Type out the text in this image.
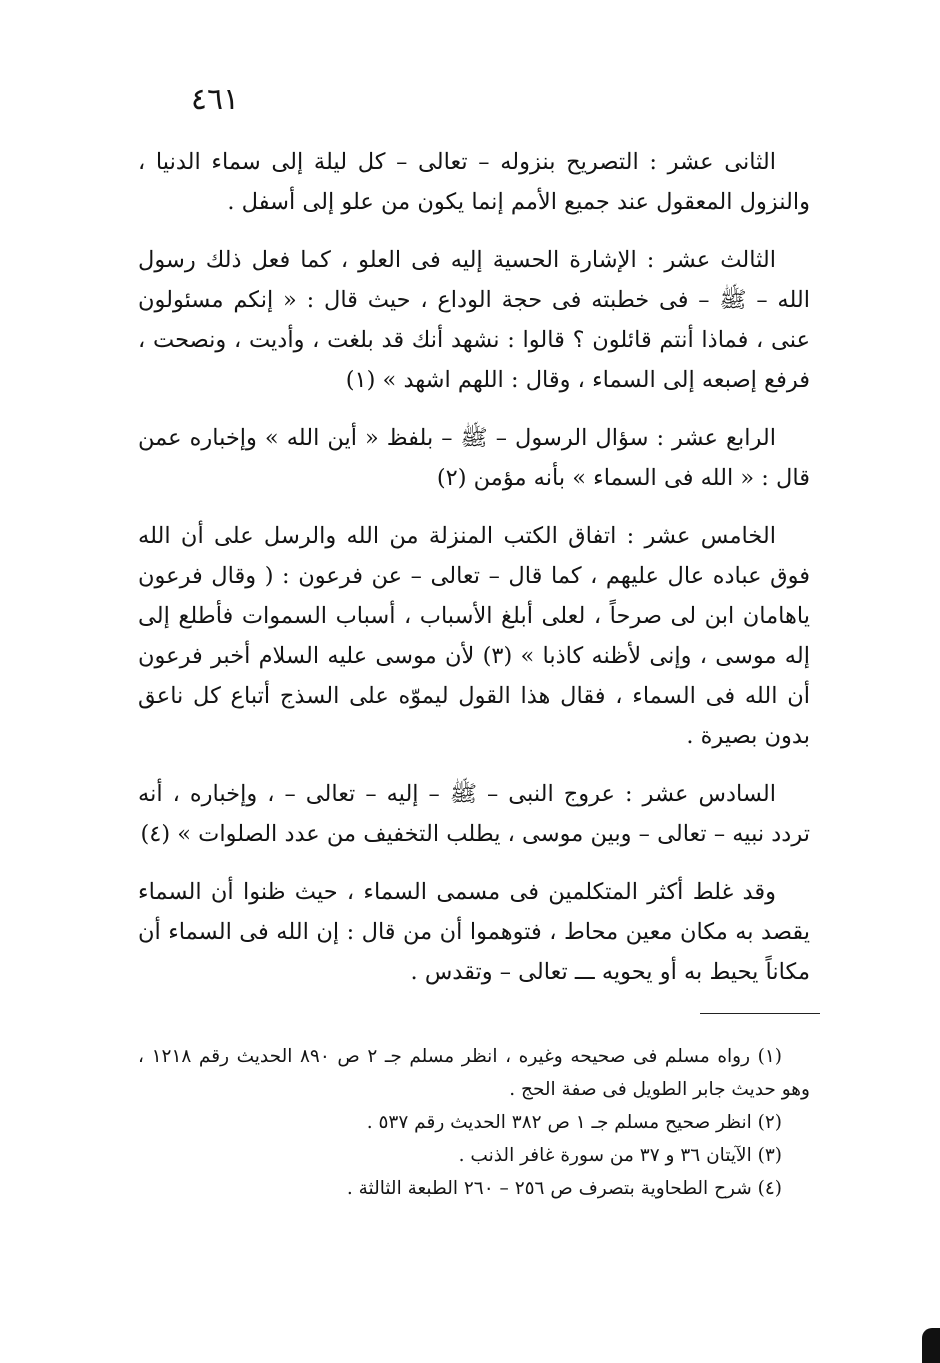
٤٦١

الثانى عشر : التصريح بنزوله – تعالى – كل ليلة إلى سماء الدنيا ، والنزول المعقول عند جميع الأمم إنما يكون من علو إلى أسفل .

الثالث عشر : الإشارة الحسية إليه فى العلو ، كما فعل ذلك رسول الله – ﷺ – فى خطبته فى حجة الوداع ، حيث قال : « إنكم مسئولون عنى ، فماذا أنتم قائلون ؟ قالوا : نشهد أنك قد بلغت ، وأديت ، ونصحت ، فرفع إصبعه إلى السماء ، وقال : اللهم اشهد » (١)

الرابع عشر : سؤال الرسول – ﷺ – بلفظ « أين الله » وإخباره عمن قال : « الله فى السماء » بأنه مؤمن (٢)

الخامس عشر : اتفاق الكتب المنزلة من الله والرسل على أن الله فوق عباده عال عليهم ، كما قال – تعالى – عن فرعون : ( وقال فرعون ياهامان ابن لى صرحاً ، لعلى أبلغ الأسباب ، أسباب السموات فأطلع إلى إله موسى ، وإنى لأظنه كاذبا » (٣) لأن موسى عليه السلام أخبر فرعون أن الله فى السماء ، فقال هذا القول ليموّه على السذج أتباع كل ناعق بدون بصيرة .

السادس عشر : عروج النبى – ﷺ – إليه – تعالى – ، وإخباره ، أنه تردد نبيه – تعالى – وبين موسى ، يطلب التخفيف من عدد الصلوات » (٤)

وقد غلط أكثر المتكلمين فى مسمى السماء ، حيث ظنوا أن السماء يقصد به مكان معين محاط ، فتوهموا أن من قال : إن الله فى السماء أن مكاناً يحيط به أو يحويه ـــ تعالى – وتقدس .

(١) رواه مسلم فى صحيحه وغيره ، انظر مسلم جـ ٢ ص ٨٩٠ الحديث رقم ١٢١٨ ، وهو حديث جابر الطويل فى صفة الحج .

(٢) انظر صحيح مسلم جـ ١ ص ٣٨٢ الحديث رقم ٥٣٧ .

(٣) الآيتان ٣٦ و ٣٧ من سورة غافر الذنب .

(٤) شرح الطحاوية بتصرف ص ٢٥٦ – ٢٦٠ الطبعة الثالثة .
